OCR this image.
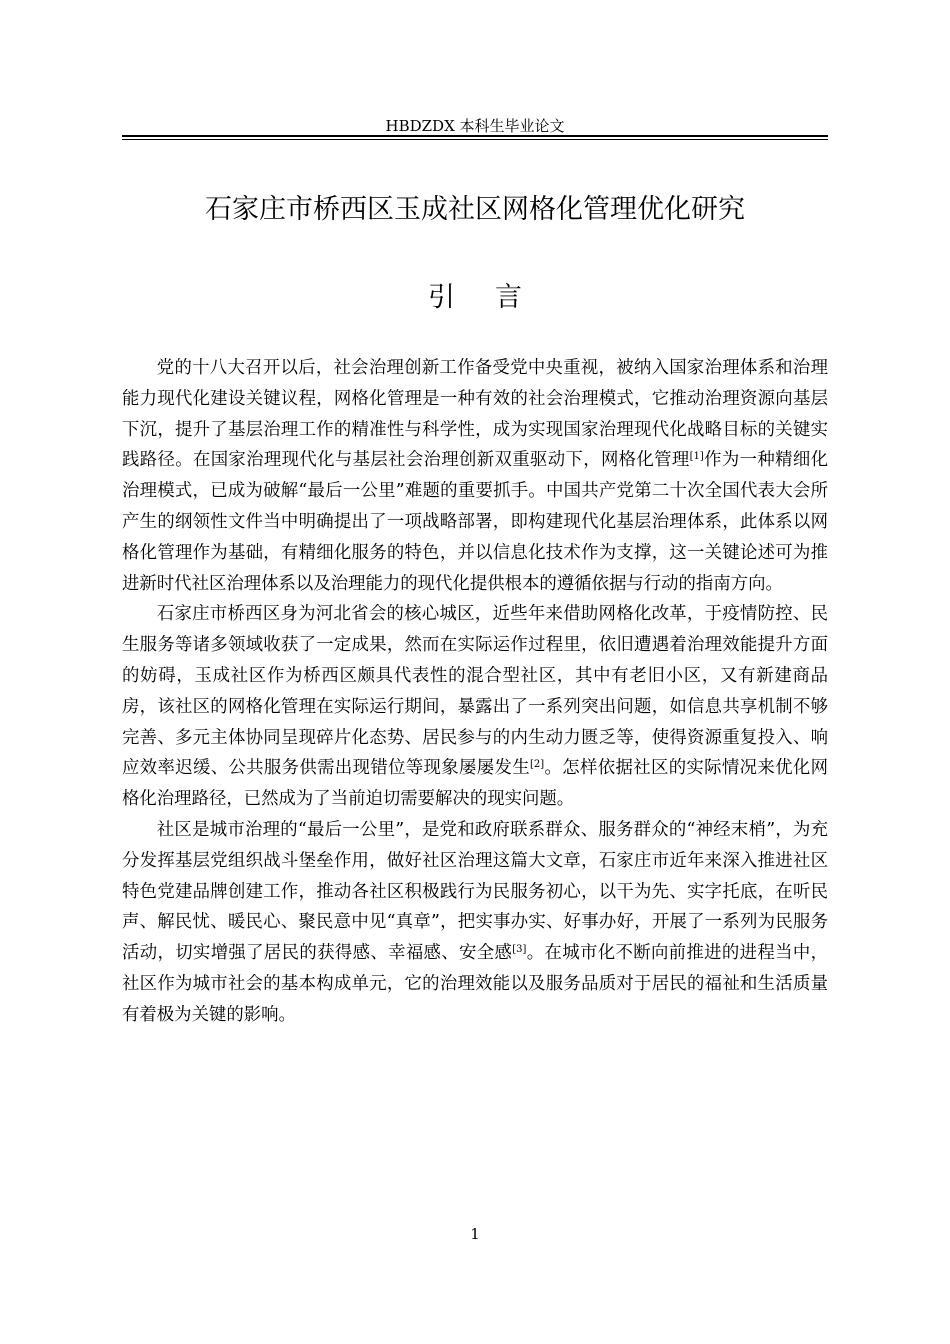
HBDZDX 本科生毕业论文
石家庄市桥西区玉成社区网格化管理优化研究
引言

党的十八大召开以后，社会治理创新工作备受党中央重视，被纳入国家治理体系和治理能力现代化建设关键议程，网格化管理是一种有效的社会治理模式，它推动治理资源向基层下沉，提升了基层治理工作的精准性与科学性，成为实现国家治理现代化战略目标的关键实践路径。在国家治理现代化与基层社会治理创新双重驱动下，网格化管理[1]作为一种精细化治理模式，已成为破解“最后一公里”难题的重要抓手。中国共产党第二十次全国代表大会所产生的纲领性文件当中明确提出了一项战略部署，即构建现代化基层治理体系，此体系以网格化管理作为基础，有精细化服务的特色，并以信息化技术作为支撑，这一关键论述可为推进新时代社区治理体系以及治理能力的现代化提供根本的遵循依据与行动的指南方向。

石家庄市桥西区身为河北省会的核心城区，近些年来借助网格化改革，于疫情防控、民生服务等诸多领域收获了一定成果，然而在实际运作过程里，依旧遭遇着治理效能提升方面的妨碍，玉成社区作为桥西区颇具代表性的混合型社区，其中有老旧小区，又有新建商品房，该社区的网格化管理在实际运行期间，暴露出了一系列突出问题，如信息共享机制不够完善、多元主体协同呈现碎片化态势、居民参与的内生动力匮乏等，使得资源重复投入、响应效率迟缓、公共服务供需出现错位等现象屡屡发生[2]。怎样依据社区的实际情况来优化网格化治理路径，已然成为了当前迫切需要解决的现实问题。

社区是城市治理的“最后一公里”，是党和政府联系群众、服务群众的“神经末梢”，为充分发挥基层党组织战斗堡垒作用，做好社区治理这篇大文章，石家庄市近年来深入推进社区特色党建品牌创建工作，推动各社区积极践行为民服务初心，以干为先、实字托底，在听民声、解民忧、暖民心、聚民意中见“真章”，把实事办实、好事办好，开展了一系列为民服务活动，切实增强了居民的获得感、幸福感、安全感[3]。在城市化不断向前推进的进程当中，社区作为城市社会的基本构成单元，它的治理效能以及服务品质对于居民的福祉和生活质量有着极为关键的影响。

1
